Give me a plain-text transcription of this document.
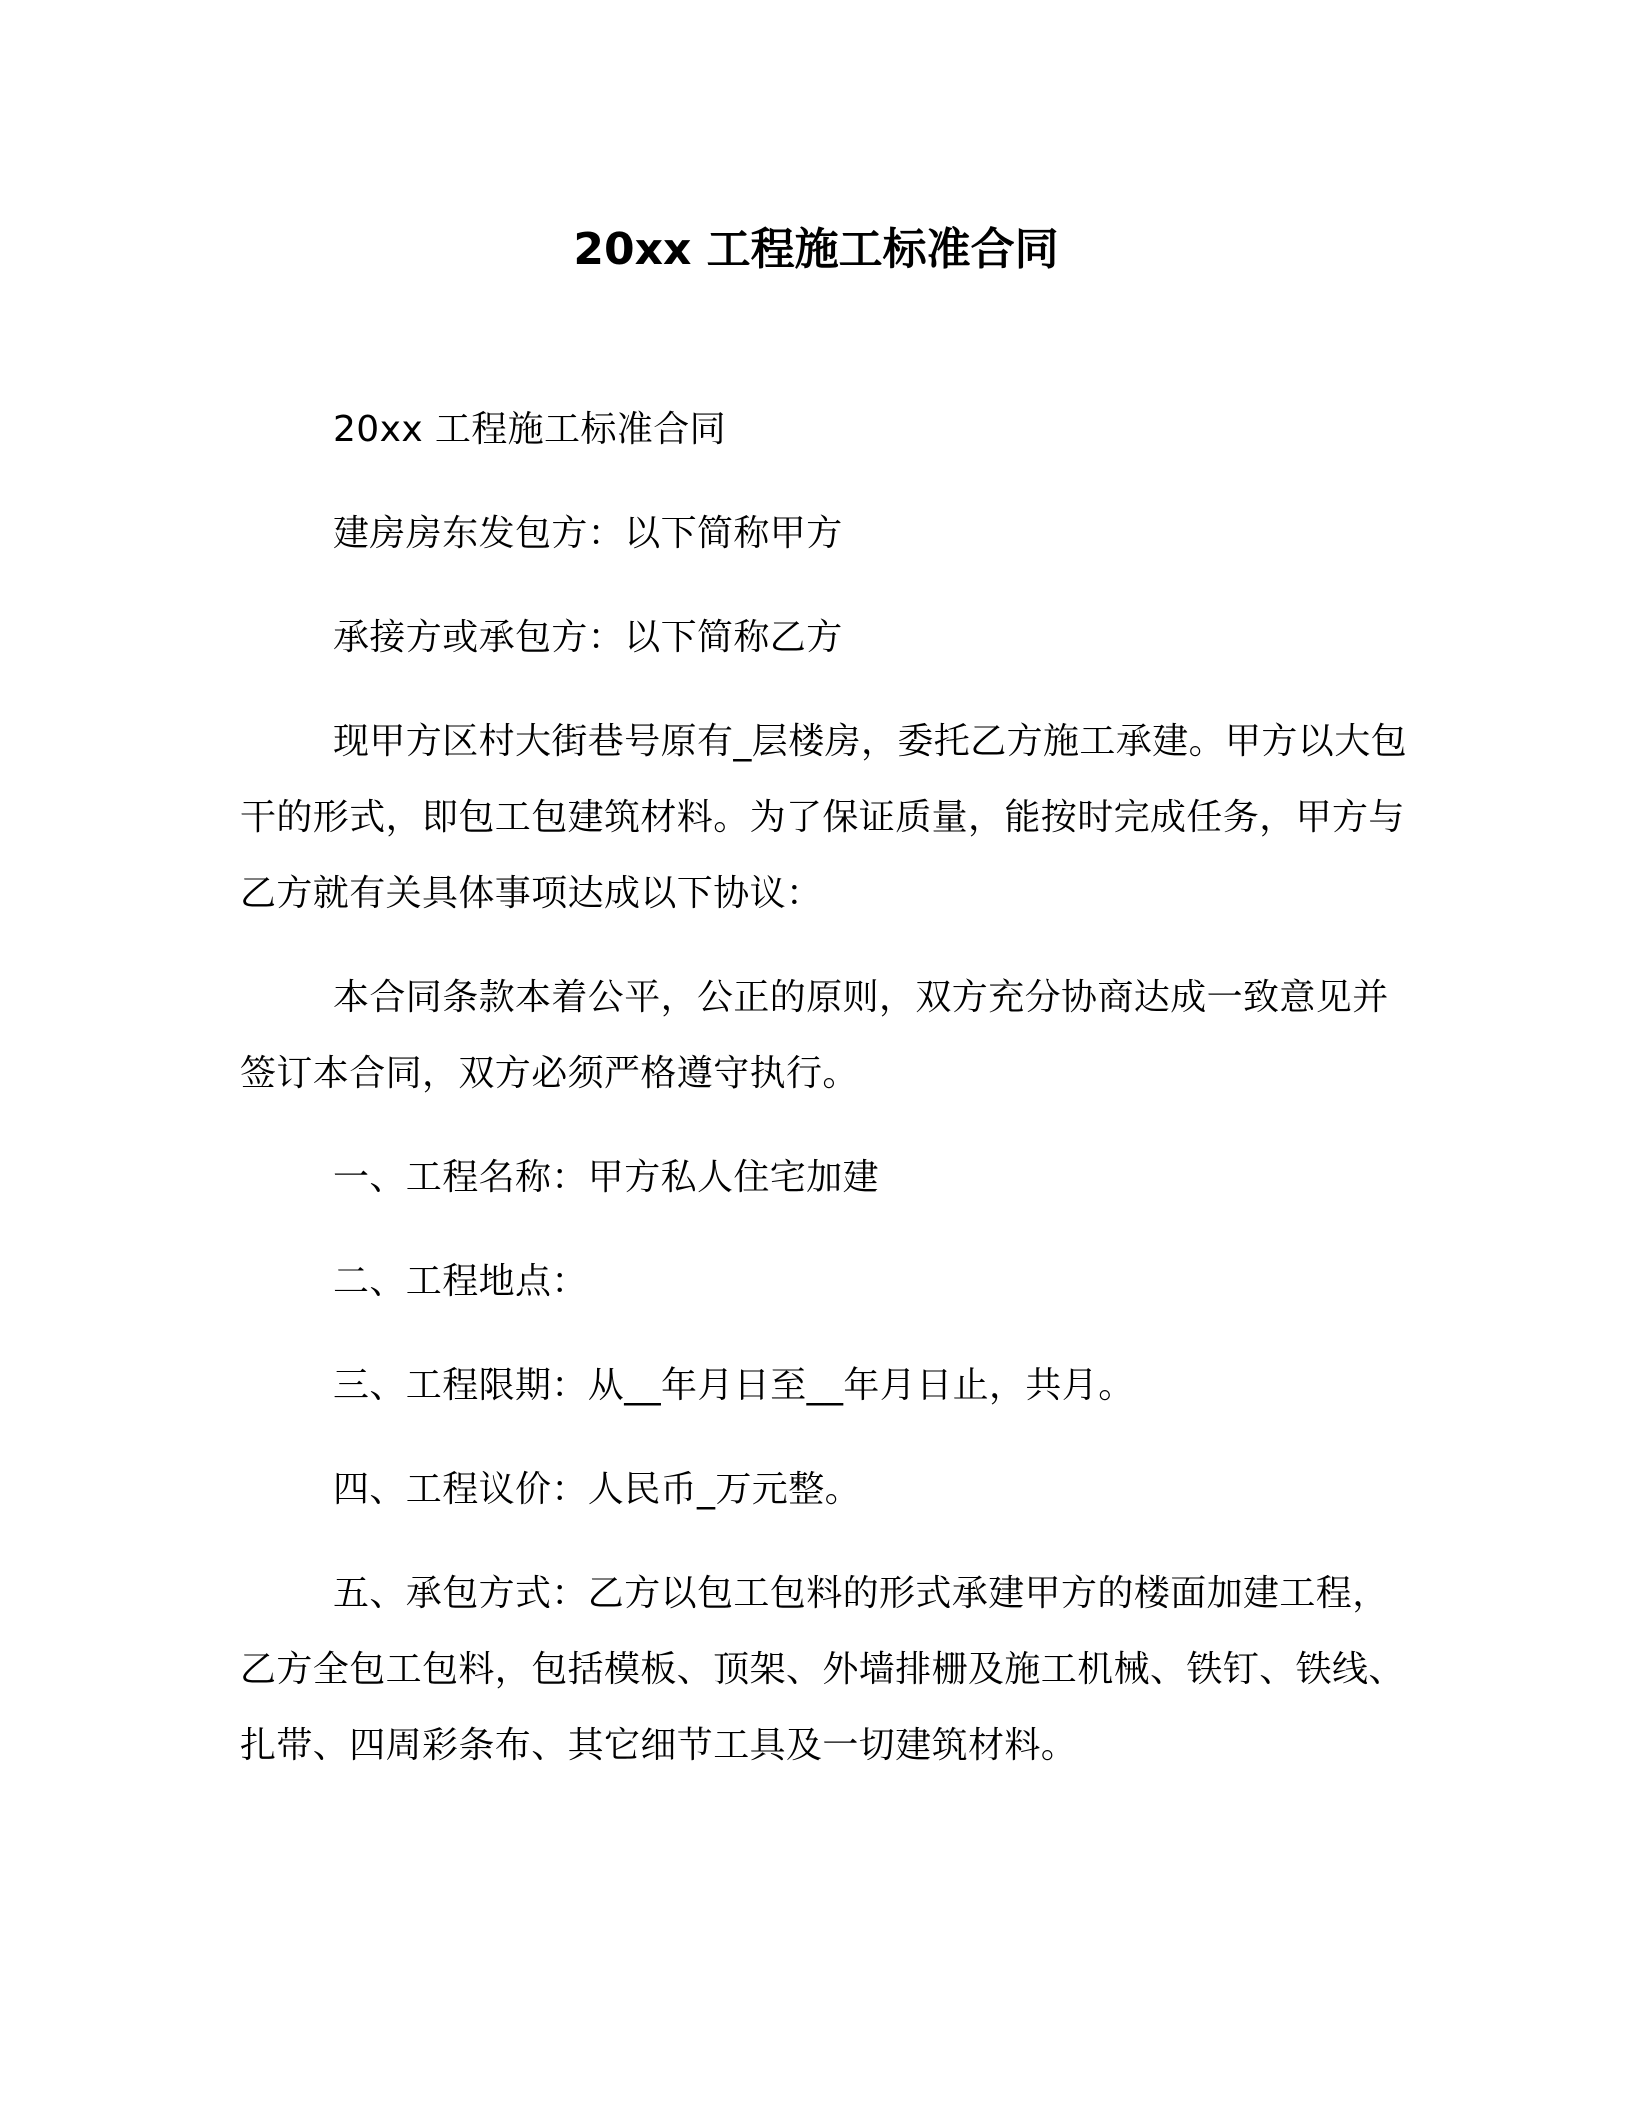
20xx 工程施工标准合同

20xx 工程施工标准合同

建房房东发包方：以下简称甲方

承接方或承包方：以下简称乙方

现甲方区村大街巷号原有_层楼房，委托乙方施工承建。甲方以大包干的形式，即包工包建筑材料。为了保证质量，能按时完成任务，甲方与乙方就有关具体事项达成以下协议：

本合同条款本着公平，公正的原则，双方充分协商达成一致意见并签订本合同，双方必须严格遵守执行。

一、工程名称：甲方私人住宅加建

二、工程地点：

三、工程限期：从__年月日至__年月日止，共月。

四、工程议价：人民币_万元整。

五、承包方式：乙方以包工包料的形式承建甲方的楼面加建工程，乙方全包工包料，包括模板、顶架、外墙排栅及施工机械、铁钉、铁线、扎带、四周彩条布、其它细节工具及一切建筑材料。
